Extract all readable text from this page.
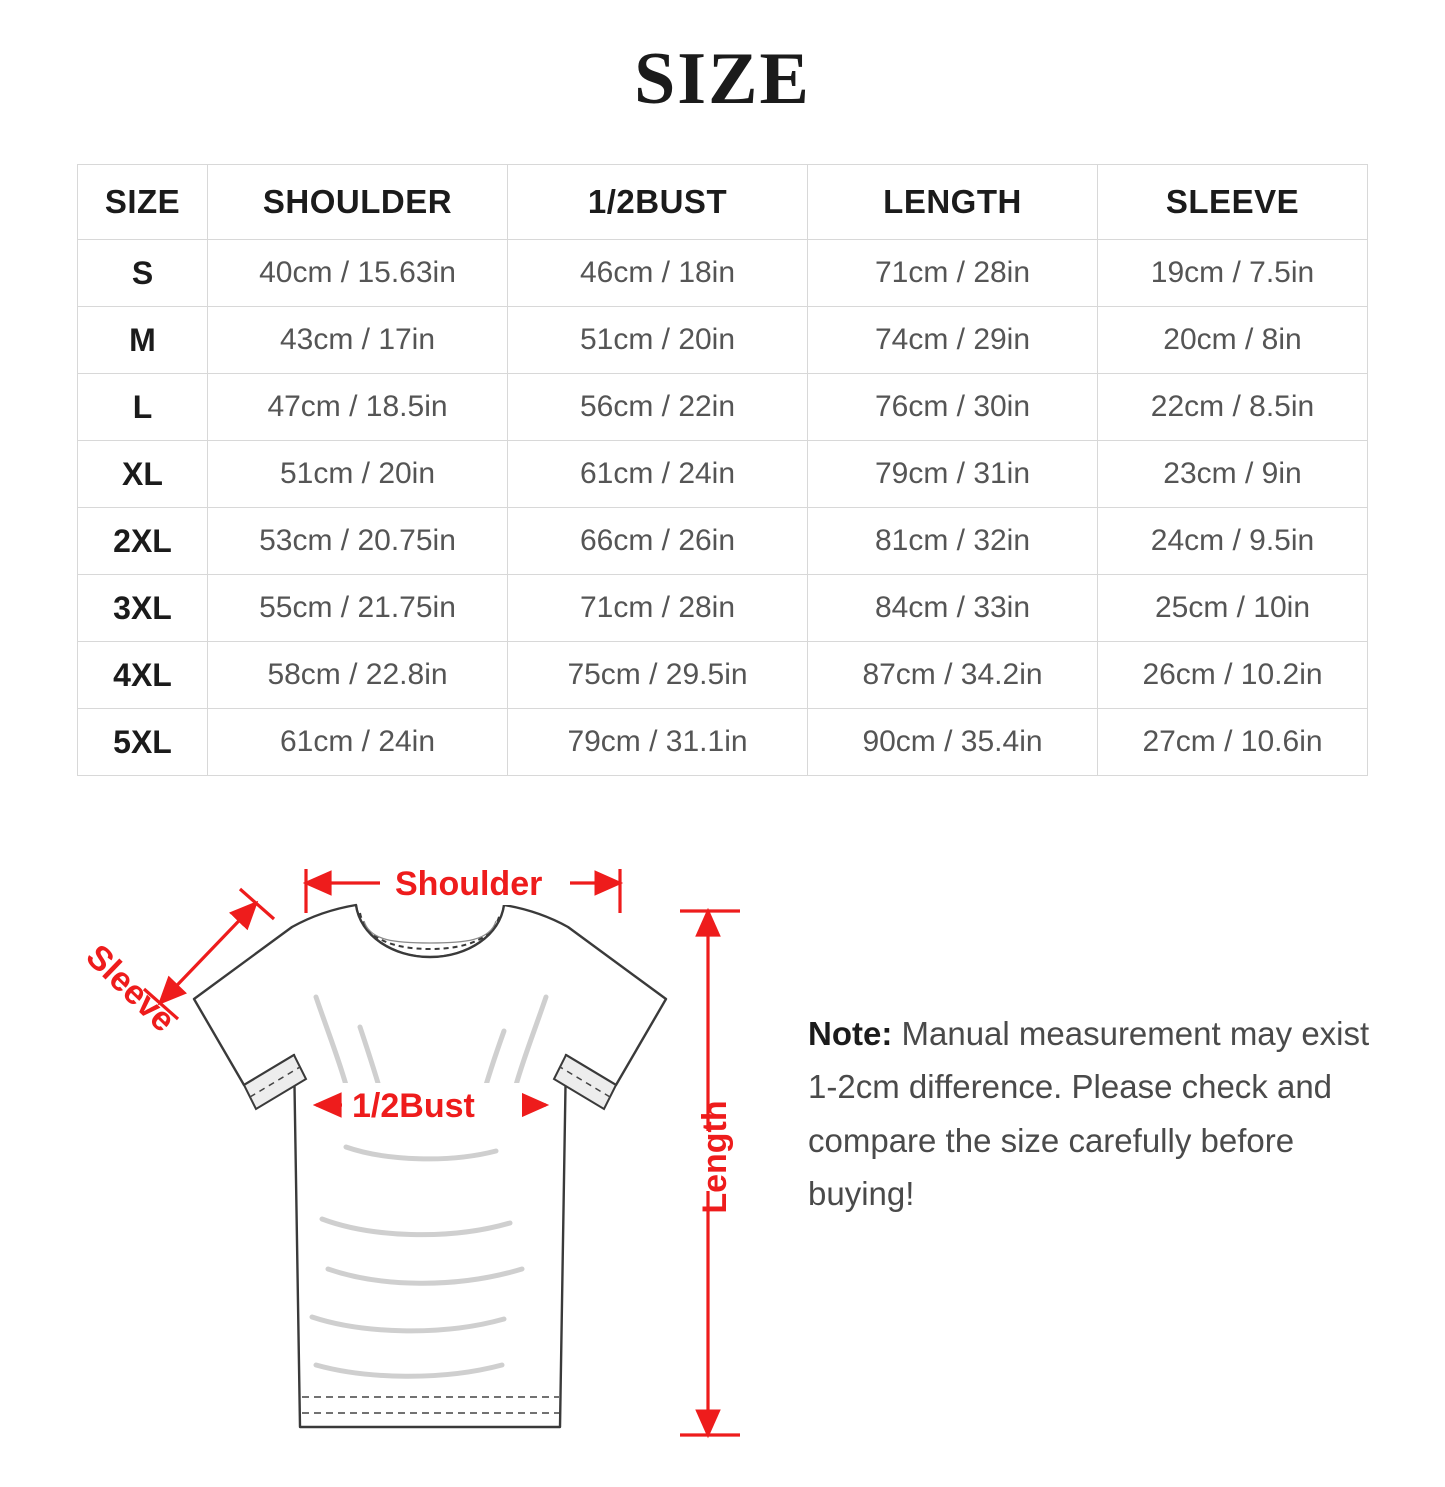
SIZE
SIZE	SHOULDER	1/2BUST	LENGTH	SLEEVE
S	40cm / 15.63in	46cm / 18in	71cm / 28in	19cm / 7.5in
M	43cm / 17in	51cm / 20in	74cm / 29in	20cm / 8in
L	47cm / 18.5in	56cm / 22in	76cm / 30in	22cm / 8.5in
XL	51cm / 20in	61cm / 24in	79cm / 31in	23cm / 9in
2XL	53cm / 20.75in	66cm / 26in	81cm / 32in	24cm / 9.5in
3XL	55cm / 21.75in	71cm / 28in	84cm / 33in	25cm / 10in
4XL	58cm / 22.8in	75cm / 29.5in	87cm / 34.2in	26cm / 10.2in
5XL	61cm / 24in	79cm / 31.1in	90cm / 35.4in	27cm / 10.6in
Shoulder
Sleeve
1/2Bust	Length
Note: Manual measurement may exist 1-2cm difference. Please check and compare the size carefully before buying!
